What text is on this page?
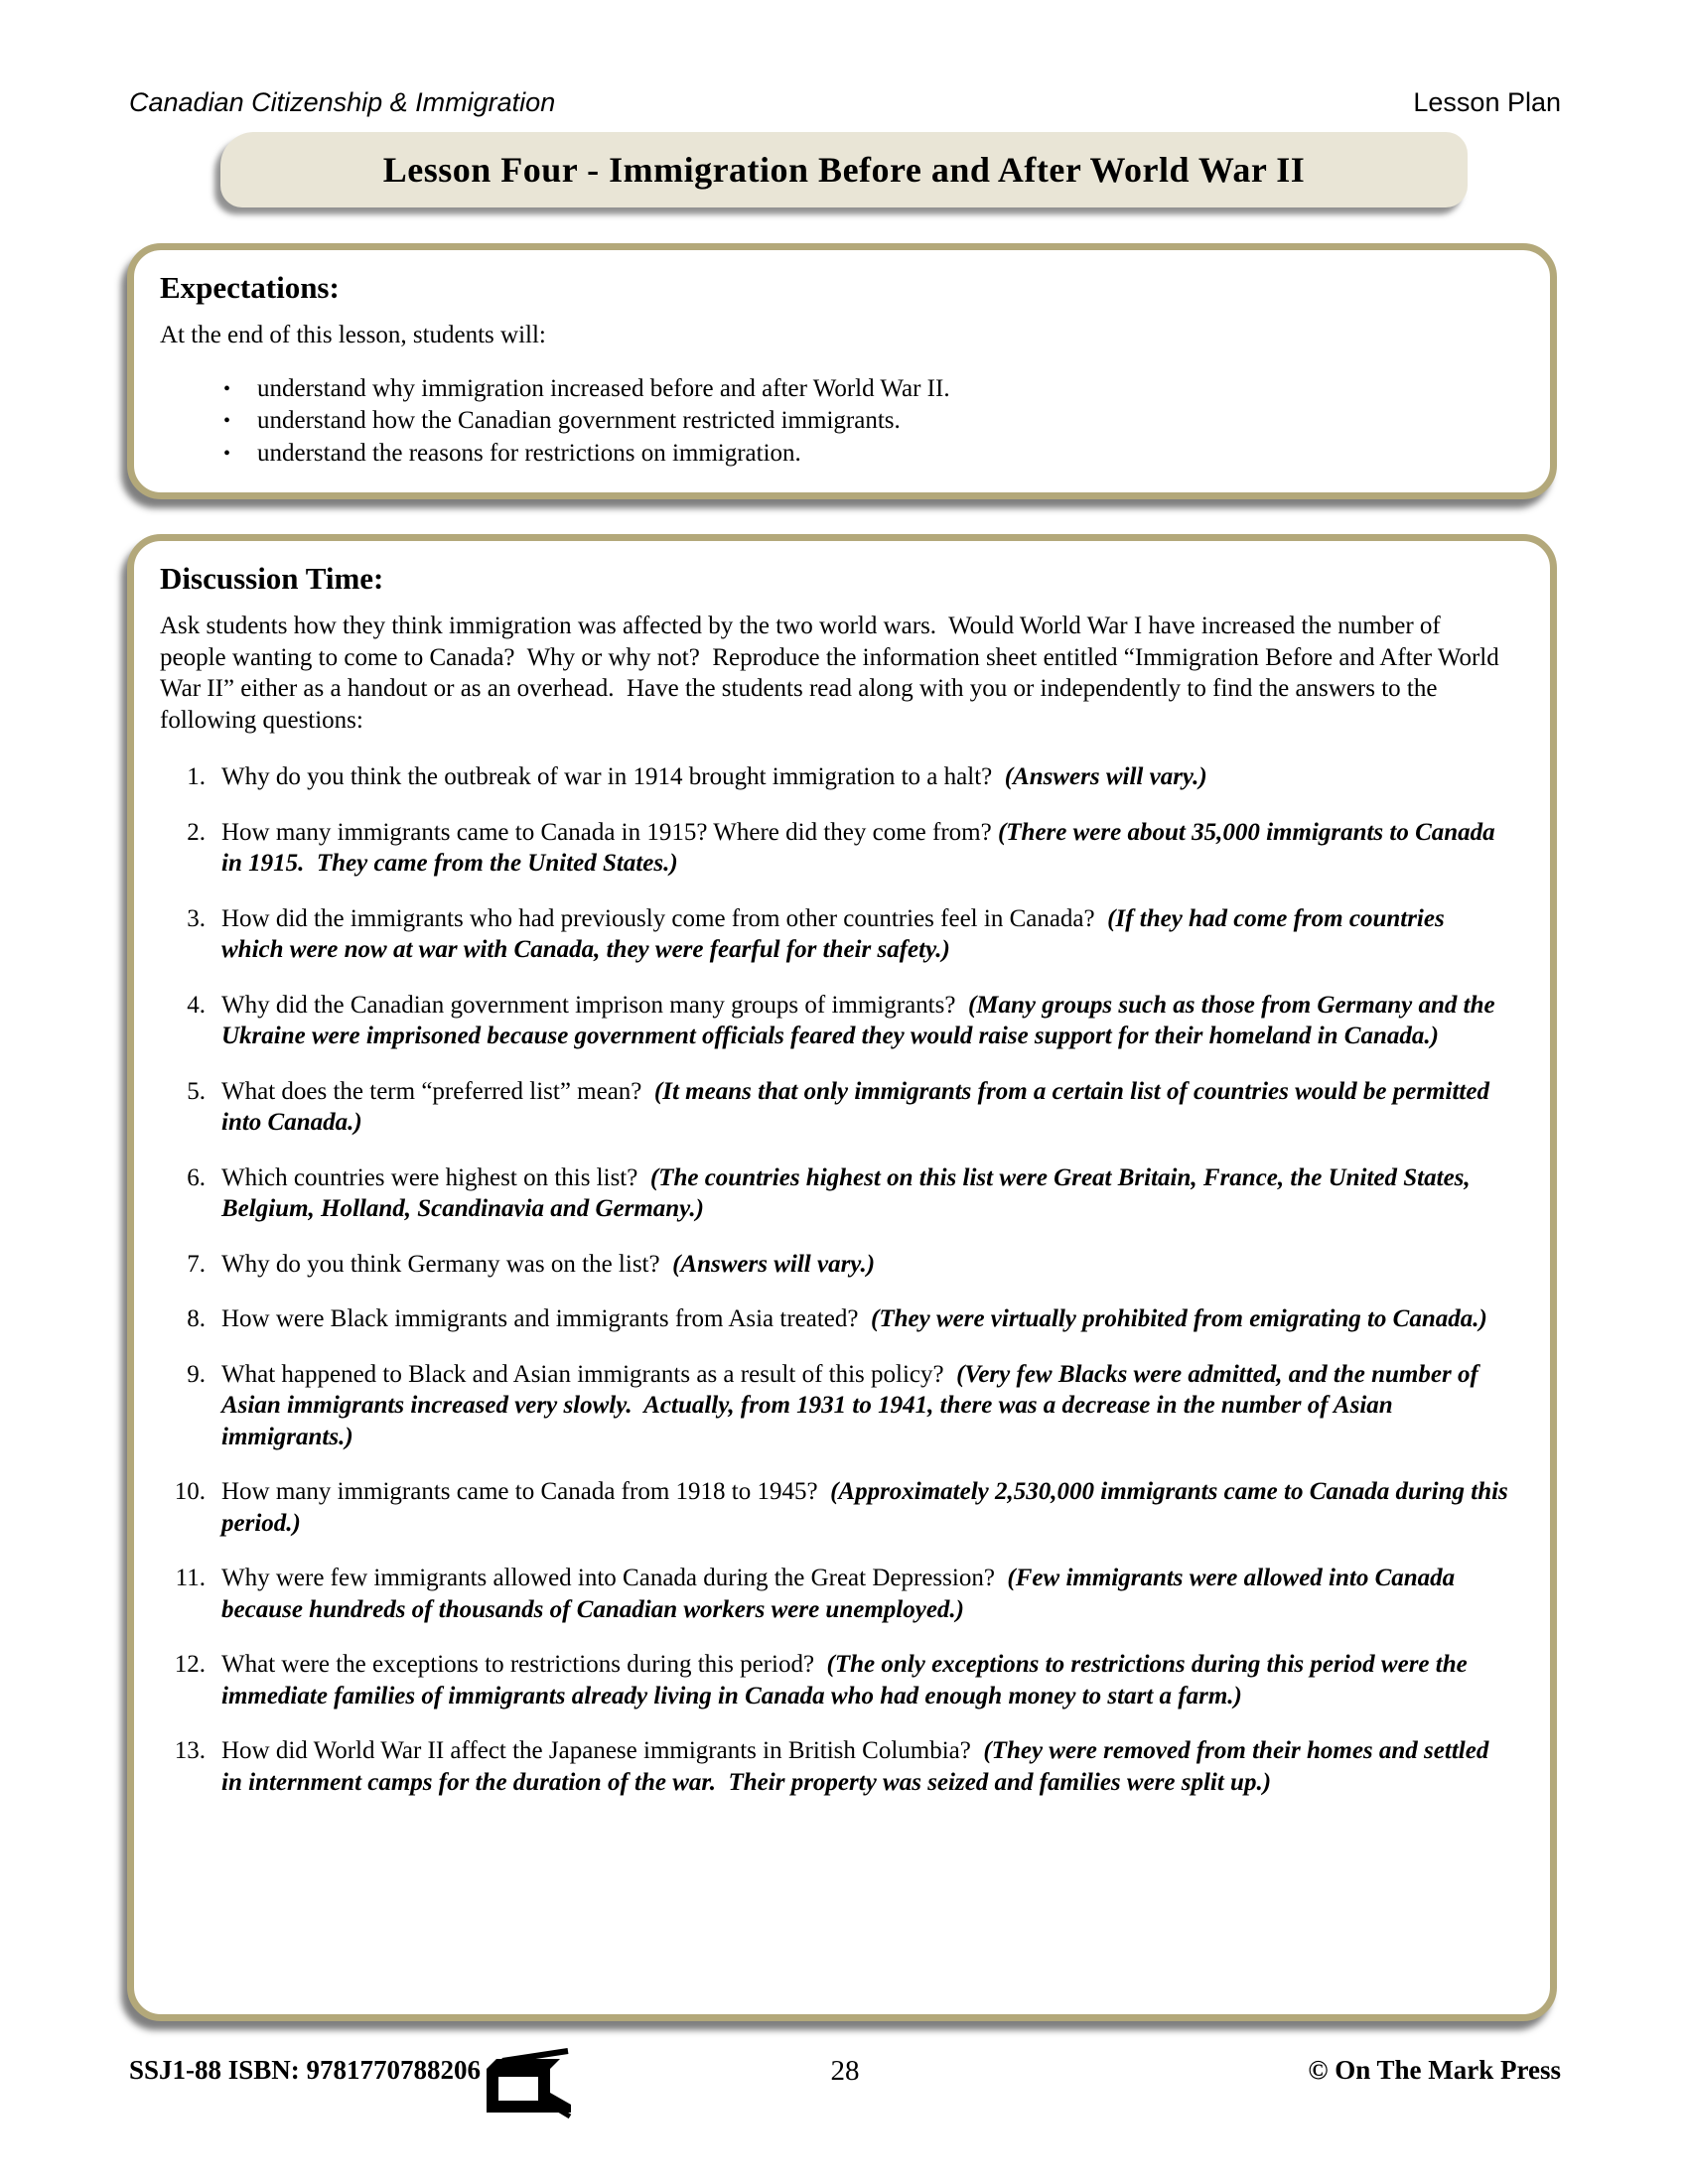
Canadian Citizenship & Immigration	Lesson Plan
Lesson Four - Immigration Before and After World War II
Expectations:

At the end of this lesson, students will:

•	understand why immigration increased before and after World War II.
•	understand how the Canadian government restricted immigrants.
•	understand the reasons for restrictions on immigration.
Discussion Time:

Ask students how they think immigration was affected by the two world wars.  Would World War I have increased the number of people wanting to come to Canada?  Why or why not?  Reproduce the information sheet entitled “Immigration Before and After World War II” either as a handout or as an overhead.  Have the students read along with you or independently to find the answers to the following questions:

1. Why do you think the outbreak of war in 1914 brought immigration to a halt? (Answers will vary.)

2. How many immigrants came to Canada in 1915? Where did they come from? (There were about 35,000 immigrants to Canada in 1915.  They came from the United States.)

3. How did the immigrants who had previously come from other countries feel in Canada? (If they had come from countries which were now at war with Canada, they were fearful for their safety.)

4. Why did the Canadian government imprison many groups of immigrants? (Many groups such as those from Germany and the Ukraine were imprisoned because government officials feared they would raise support for their homeland in Canada.)

5. What does the term “preferred list” mean? (It means that only immigrants from a certain list of countries would be permitted into Canada.)

6. Which countries were highest on this list? (The countries highest on this list were Great Britain, France, the United States, Belgium, Holland, Scandinavia and Germany.)

7. Why do you think Germany was on the list? (Answers will vary.)

8. How were Black immigrants and immigrants from Asia treated? (They were virtually prohibited from emigrating to Canada.)

9. What happened to Black and Asian immigrants as a result of this policy? (Very few Blacks were admitted, and the number of Asian immigrants increased very slowly.  Actually, from 1931 to 1941, there was a decrease in the number of Asian immigrants.)

10. How many immigrants came to Canada from 1918 to 1945? (Approximately 2,530,000 immigrants came to Canada during this period.)

11. Why were few immigrants allowed into Canada during the Great Depression? (Few immigrants were allowed into Canada because hundreds of thousands of Canadian workers were unemployed.)

12. What were the exceptions to restrictions during this period? (The only exceptions to restrictions during this period were the immediate families of immigrants already living in Canada who had enough money to start a farm.)

13. How did World War II affect the Japanese immigrants in British Columbia? (They were removed from their homes and settled in internment camps for the duration of the war.  Their property was seized and families were split up.)

SSJ1-88 ISBN: 9781770788206	28	© On The Mark Press
